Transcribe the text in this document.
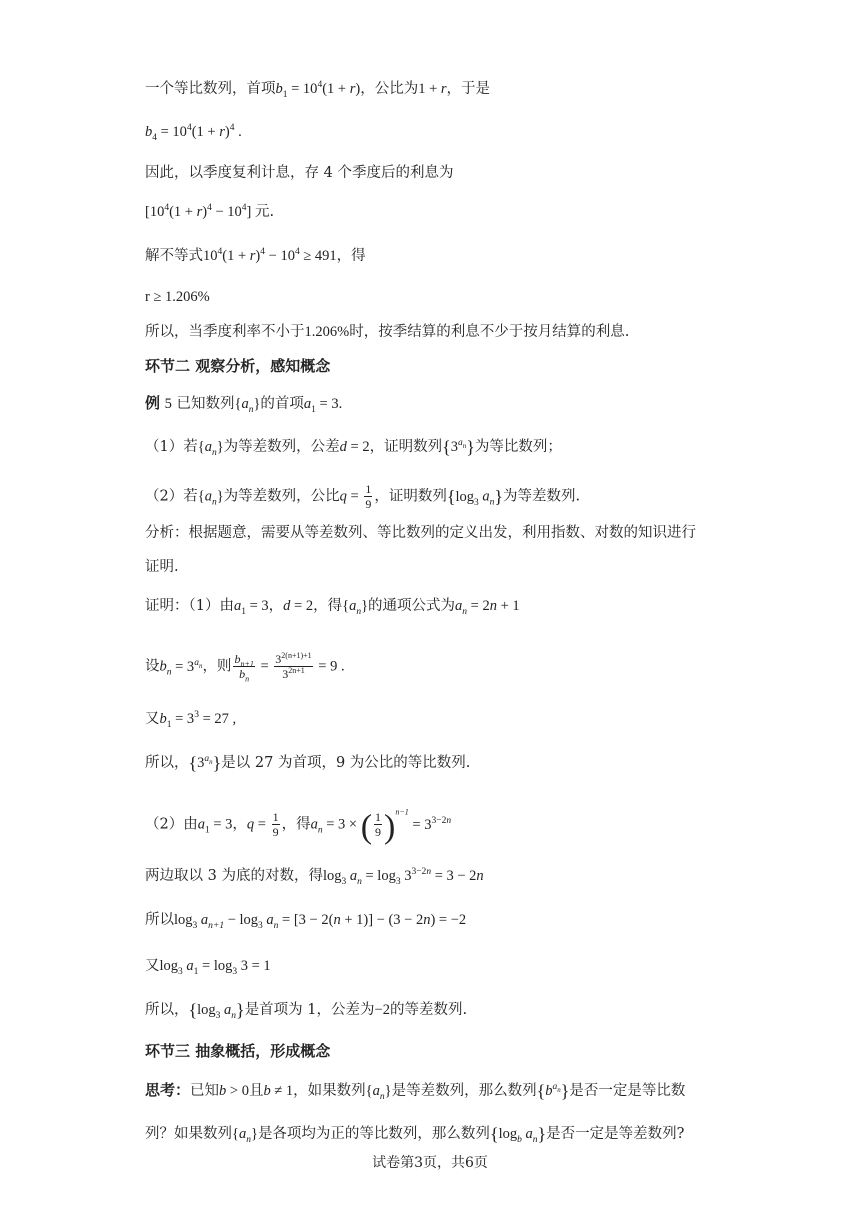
一个等比数列，首项$b_1 = 10^4(1 + r)$，公比为1 + r，于是
$b_4 = 10^4(1 + r)^4$ .
因此，以季度复利计息，存 4 个季度后的利息为
$[10^4(1 + r)^4 - 10^4]$ 元.
解不等式$10^4(1 + r)^4 - 10^4 \ge 491$，得
r ≥ 1.206%
所以，当季度利率不小于1.206%时，按季结算的利息不少于按月结算的利息.
环节二 观察分析，感知概念
例 5 已知数列$\{a_n\}$的首项$a_1 = 3$.
（1）若$\{a_n\}$为等差数列，公差d = 2，证明数列$\{3^{a_n}\}$为等比数列；
（2）若$\{a_n\}$为等差数列，公比$q = \frac{1}{9}$ ，证明数列{$\log_3$ $a_n$}为等差数列.
分析：根据题意，需要从等差数列、等比数列的定义出发，利用指数、对数的知识进行
证明.
证明：（1）由$a_1 = 3$，d = 2，得$\{a_n\}$的通项公式为$a_n = 2n + 1$
设$b_n = 3^{a_n}$，则 $\frac{b_{n+1}}{b_n} = \frac{3^{2(n+1)+1}}{3^{2n+1}} = 9$ .
又$b_1 = 3^3 = 27$ ,
所以，$\{3^{a_n}\}$是以 27 为首项，9 为公比的等比数列.
（2）由$a_1 = 3$，$q = \frac{1}{9}$ ，得$a_n = 3$ × ( $\frac{1}{9} )^{n-1} = 3^{3-2n}$
两边取以 3 为底的对数，得$\log_3 a_n = \log_3 3^{3-2n} = 3 - 2n$
所以$\log_3 a_{n+1} - \log_3 a_n = [3 - 2(n + 1)] - (3 - 2n) = -2$
又$\log_3 a_1 = \log_3 3 = 1$
所以，{$\log_3$ $a_n$}是首项为 1，公差为−2的等差数列.
环节三 抽象概括，形成概念
思考：已知b > 0且b ≠ 1，如果数列$\{a_n\}$是等差数列，那么数列$\{b^{a_n}\}$是否一定是等比数
列？如果数列$\{a_n\}$是各项均为正的等比数列，那么数列{$\log_b$ $a_n$}是否一定是等差数列?
试卷第3页，共6页
